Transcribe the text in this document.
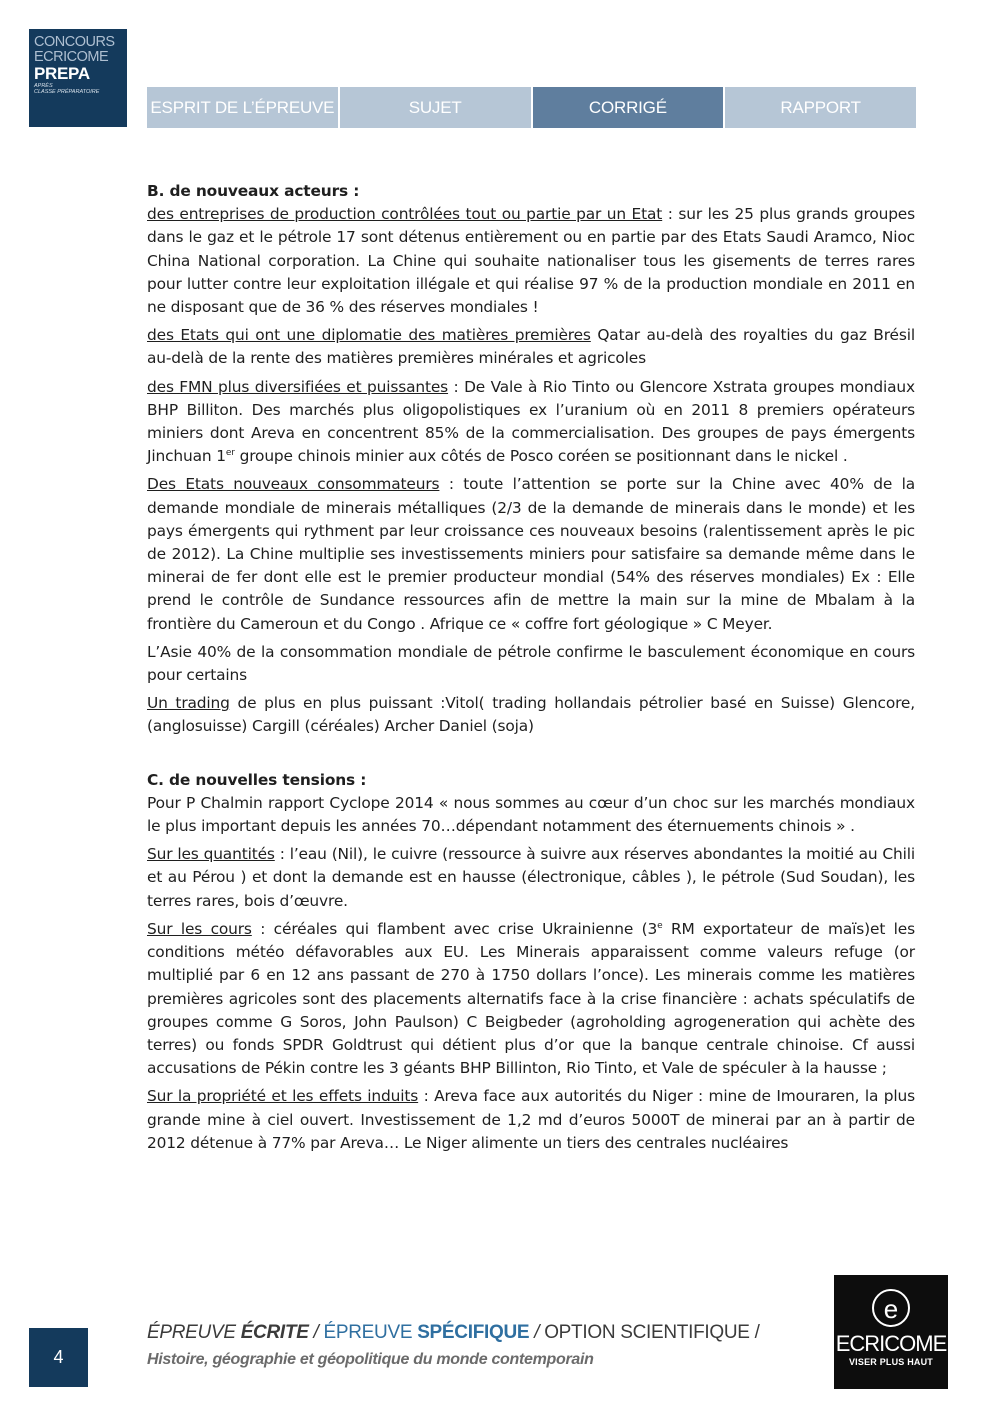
CONCOURS
ECRICOME
PREPA
APRÈS
CLASSE PRÉPARATOIRE
ESPRIT DE L’ÉPREUVE	SUJET	CORRIGÉ	RAPPORT
B. de nouveaux acteurs :

des entreprises de production contrôlées tout ou partie par un Etat : sur les 25 plus grands groupes dans le gaz et le pétrole 17 sont détenus entièrement ou en partie par des Etats Saudi Aramco, Nioc China National corporation. La Chine qui souhaite nationaliser tous les gisements de terres rares pour lutter contre leur exploitation illégale et qui réalise 97 % de la production mondiale en 2011 en ne disposant que de 36 % des réserves mondiales !

des Etats qui ont une diplomatie des matières premières Qatar au-delà des royalties du gaz Brésil au-delà de la rente des matières premières minérales et agricoles

des FMN plus diversifiées et puissantes : De Vale à Rio Tinto ou Glencore Xstrata groupes mondiaux BHP Billiton. Des marchés plus oligopolistiques ex l’uranium où en 2011 8 premiers opérateurs miniers dont Areva en concentrent 85% de la commercialisation. Des groupes de pays émergents Jinchuan 1er groupe chinois minier aux côtés de Posco coréen se positionnant dans le nickel .

Des Etats nouveaux consommateurs : toute l’attention se porte sur la Chine avec 40% de la demande mondiale de minerais métalliques (2/3 de la demande de minerais dans le monde) et les pays émergents qui rythment par leur croissance ces nouveaux besoins (ralentissement après le pic de 2012). La Chine multiplie ses investissements miniers pour satisfaire sa demande même dans le minerai de fer dont elle est le premier producteur mondial (54% des réserves mondiales) Ex : Elle prend le contrôle de Sundance ressources afin de mettre la main sur la mine de Mbalam à la frontière du Cameroun et du Congo . Afrique ce « coffre fort géologique » C Meyer.

L’Asie 40% de la consommation mondiale de pétrole confirme le basculement économique en cours pour certains

Un trading de plus en plus puissant :Vitol( trading hollandais pétrolier basé en Suisse) Glencore,(anglosuisse) Cargill (céréales) Archer Daniel (soja)

C. de nouvelles tensions :

Pour P Chalmin rapport Cyclope 2014 « nous sommes au cœur d’un choc sur les marchés mondiaux le plus important depuis les années 70…dépendant notamment des éternuements chinois » .

Sur les quantités : l’eau (Nil), le cuivre (ressource à suivre aux réserves abondantes la moitié au Chili et au Pérou ) et dont la demande est en hausse (électronique, câbles ), le pétrole (Sud Soudan), les terres rares, bois d’œuvre.

Sur les cours : céréales qui flambent avec crise Ukrainienne (3e RM exportateur de maïs)et les conditions météo défavorables aux EU. Les Minerais apparaissent comme valeurs refuge (or multiplié par 6 en 12 ans passant de 270 à 1750 dollars l’once). Les minerais comme les matières premières agricoles sont des placements alternatifs face à la crise financière : achats spéculatifs de groupes comme G Soros, John Paulson) C Beigbeder (agroholding agrogeneration qui achète des terres) ou fonds SPDR Goldtrust qui détient plus d’or que la banque centrale chinoise. Cf aussi accusations de Pékin contre les 3 géants BHP Billinton, Rio Tinto, et Vale de spéculer à la hausse ;

Sur la propriété et les effets induits : Areva face aux autorités du Niger : mine de Imouraren, la plus grande mine à ciel ouvert. Investissement de 1,2 md d’euros 5000T de minerai par an à partir de 2012 détenue à 77% par Areva… Le Niger alimente un tiers des centrales nucléaires

4
ÉPREUVE ÉCRITE / ÉPREUVE SPÉCIFIQUE / OPTION SCIENTIFIQUE /
Histoire, géographie et géopolitique du monde contemporain
e
ECRICOME
VISER PLUS HAUT
